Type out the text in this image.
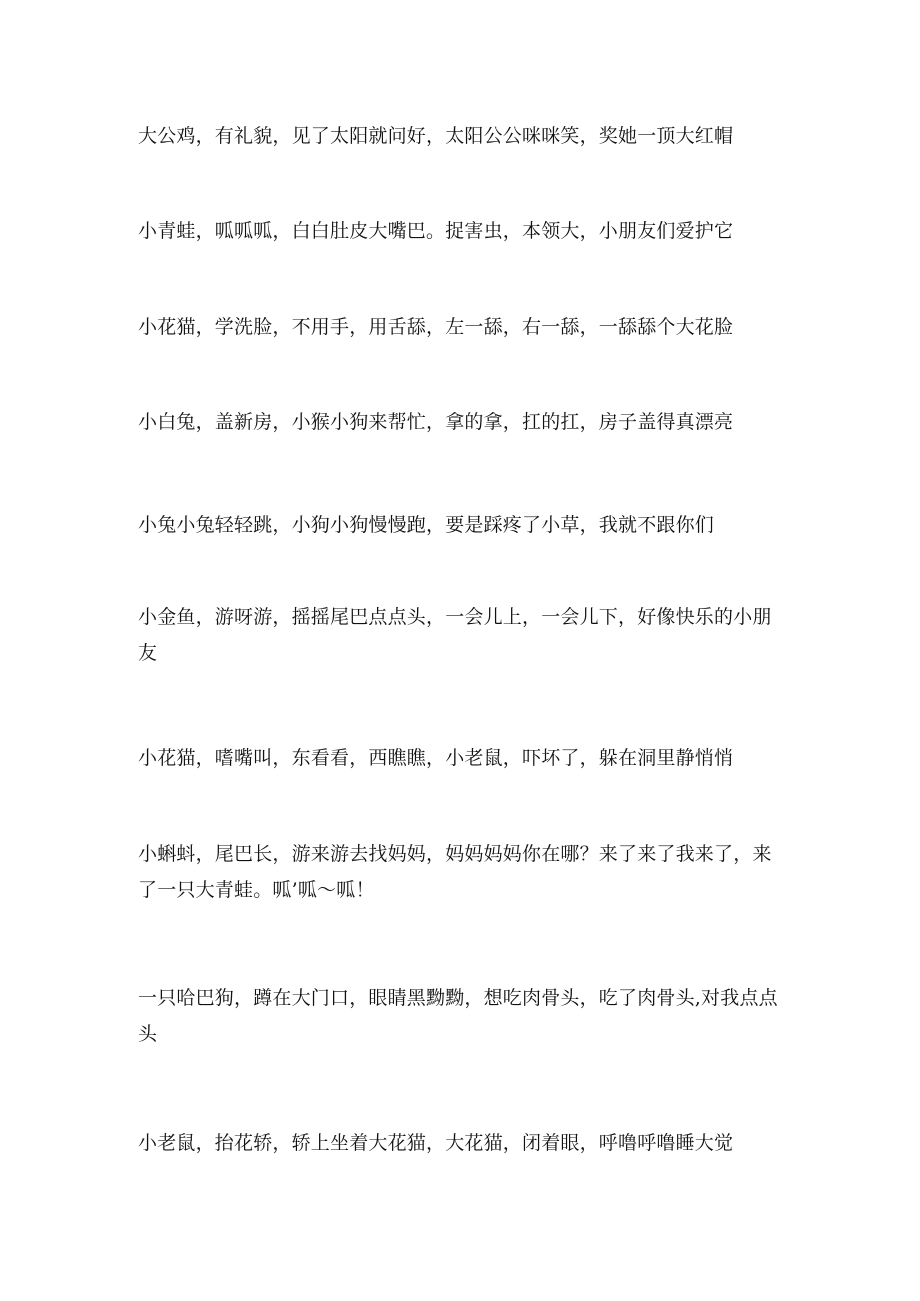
大公鸡，有礼貌，见了太阳就问好，太阳公公咪咪笑，奖她一顶大红帽

小青蛙，呱呱呱，白白肚皮大嘴巴。捉害虫，本领大，小朋友们爱护它

小花猫，学洗脸，不用手，用舌舔，左一舔，右一舔，一舔舔个大花脸

小白兔，盖新房，小猴小狗来帮忙，拿的拿，扛的扛，房子盖得真漂亮

小兔小兔轻轻跳，小狗小狗慢慢跑，要是踩疼了小草，我就不跟你们

小金鱼，游呀游，摇摇尾巴点点头，一会儿上，一会儿下，好像快乐的小朋友

小花猫，嗜嘴叫，东看看，西瞧瞧，小老鼠，吓坏了，躲在洞里静悄悄

小蝌蚪，尾巴长，游来游去找妈妈，妈妈妈妈你在哪？来了来了我来了，来了一只大青蛙。呱’呱～呱！

一只哈巴狗，蹲在大门口，眼睛黑黝黝，想吃肉骨头，吃了肉骨头,对我点点头

小老鼠，抬花轿，轿上坐着大花猫，大花猫，闭着眼，呼噜呼噜睡大觉
